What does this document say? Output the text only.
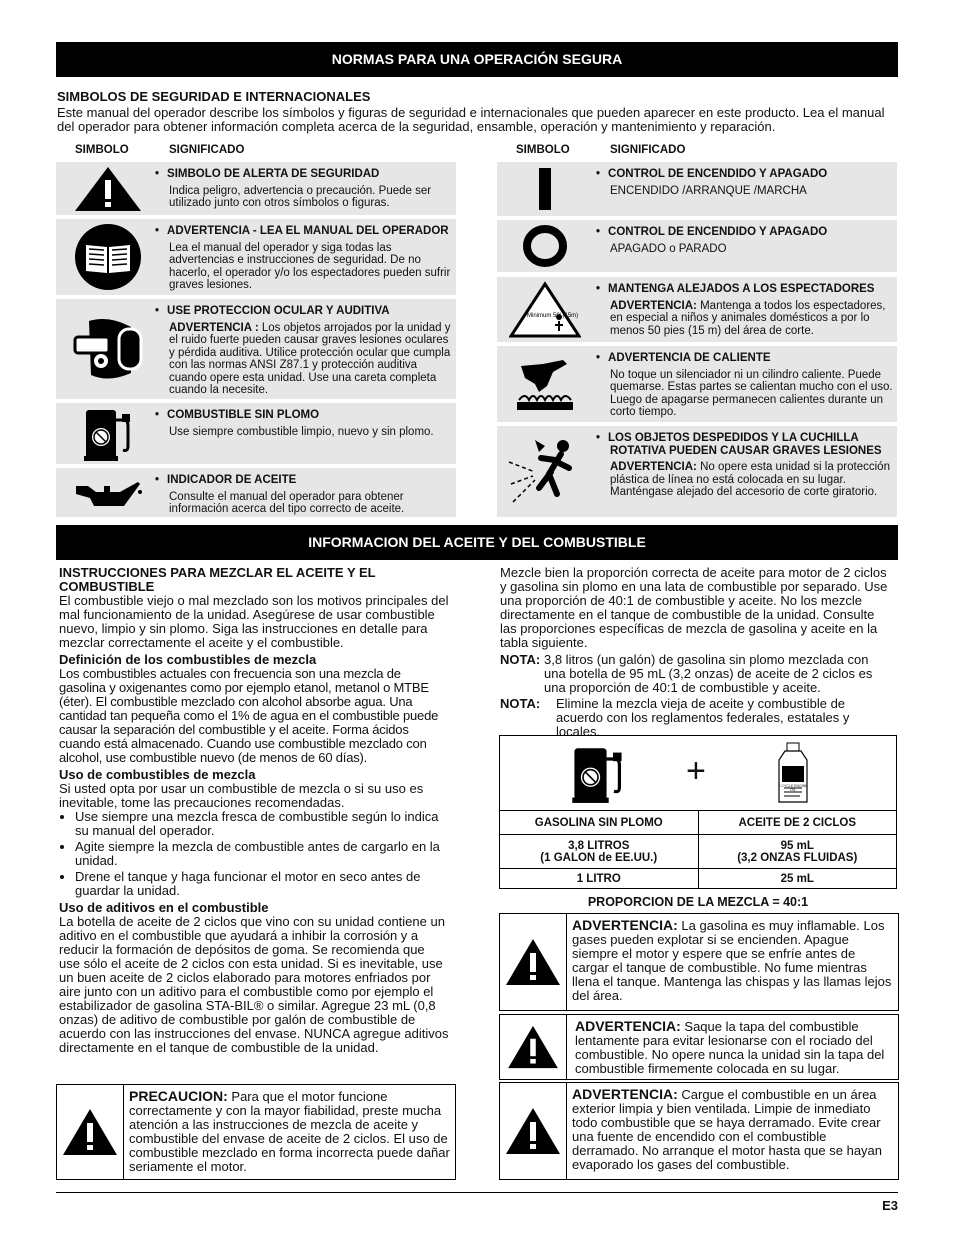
NORMAS PARA UNA OPERACIÓN SEGURA
SIMBOLOS DE SEGURIDAD E INTERNACIONALES
Este manual del operador describe los símbolos y figuras de seguridad e internacionales que pueden aparecer en este producto. Lea el manual del operador para obtener información completa acerca de la seguridad, ensamble, operación y mantenimiento y reparación.
SIMBOLO	SIGNIFICADO	SIMBOLO	SIGNIFICADO
• SIMBOLO DE ALERTA DE SEGURIDAD
Indica peligro, advertencia o precaución. Puede ser utilizado junto con otros símbolos o figuras.
• ADVERTENCIA - LEA EL MANUAL DEL OPERADOR
Lea el manual del operador y siga todas las advertencias e instrucciones de seguridad. De no hacerlo, el operador y/o los espectadores pueden sufrir graves lesiones.
• USE PROTECCION OCULAR Y AUDITIVA
ADVERTENCIA : Los objetos arrojados por la unidad y el ruido fuerte pueden causar graves lesiones oculares y pérdida auditiva. Utilice protección ocular que cumpla con las normas ANSI Z87.1 y protección auditiva cuando opere esta unidad. Use una careta completa cuando la necesite.
• COMBUSTIBLE SIN PLOMO
Use siempre combustible limpio, nuevo y sin plomo.
• INDICADOR DE ACEITE
Consulte el manual del operador para obtener información acerca del tipo correcto de aceite.
• CONTROL DE ENCENDIDO Y APAGADO
ENCENDIDO /ARRANQUE /MARCHA
• CONTROL DE ENCENDIDO Y APAGADO
APAGADO o PARADO
Minimum 50' (15m)
• MANTENGA ALEJADOS A LOS ESPECTADORES
ADVERTENCIA: Mantenga a todos los espectadores, en especial a niños y animales domésticos a por lo menos 50 pies (15 m) del área de corte.
• ADVERTENCIA DE CALIENTE
No toque un silenciador ni un cilindro caliente. Puede quemarse. Estas partes se calientan mucho con el uso. Luego de apagarse permanecen calientes durante un corto tiempo.
• LOS OBJETOS DESPEDIDOS Y LA CUCHILLA ROTATIVA PUEDEN CAUSAR GRAVES LESIONES
ADVERTENCIA: No opere esta unidad si la protección plástica de línea no está colocada en su lugar. Manténgase alejado del accesorio de corte giratorio.
INFORMACION DEL ACEITE Y DEL COMBUSTIBLE
INSTRUCCIONES PARA MEZCLAR EL ACEITE Y EL COMBUSTIBLE
El combustible viejo o mal mezclado son los motivos principales del mal funcionamiento de la unidad. Asegúrese de usar combustible nuevo, limpio y sin plomo. Siga las instrucciones en detalle para mezclar correctamente el aceite y el combustible.
Definición de los combustibles de mezcla
Los combustibles actuales con frecuencia son una mezcla de gasolina y oxigenantes como por ejemplo etanol, metanol o MTBE (éter). El combustible mezclado con alcohol absorbe agua. Una cantidad tan pequeña como el 1% de agua en el combustible puede causar la separación del combustible y el aceite. Forma ácidos cuando está almacenado. Cuando use combustible mezclado con alcohol, use combustible nuevo (de menos de 60 días).
Uso de combustibles de mezcla
Si usted opta por usar un combustible de mezcla o si su uso es inevitable, tome las precauciones recomendadas.
• Use siempre una mezcla fresca de combustible según lo indica su manual del operador.
• Agite siempre la mezcla de combustible antes de cargarlo en la unidad.
• Drene el tanque y haga funcionar el motor en seco antes de guardar la unidad.
Uso de aditivos en el combustible
La botella de aceite de 2 ciclos que vino con su unidad contiene un aditivo en el combustible que ayudará a inhibir la corrosión y a reducir la formación de depósitos de goma. Se recomienda que use sólo el aceite de 2 ciclos con esta unidad. Si es inevitable, use un buen aceite de 2 ciclos elaborado para motores enfriados por aire junto con un aditivo para el combustible como por ejemplo el estabilizador de gasolina STA-BIL® o similar. Agregue 23 mL (0,8 onzas) de aditivo de combustible por galón de combustible de acuerdo con las instrucciones del envase. NUNCA agregue aditivos directamente en el tanque de combustible de la unidad.
PRECAUCION: Para que el motor funcione correctamente y con la mayor fiabilidad, preste mucha atención a las instrucciones de mezcla de aceite y combustible del envase de aceite de 2 ciclos. El uso de combustible mezclado en forma incorrecta puede dañar seriamente el motor.
Mezcle bien la proporción correcta de aceite para motor de 2 ciclos y gasolina sin plomo en una lata de combustible por separado. Use una proporción de 40:1 de combustible y aceite. No los mezcle directamente en el tanque de combustible de la unidad. Consulte las proporciones específicas de mezcla de gasolina y aceite en la tabla siguiente.
NOTA: 3,8 litros (un galón) de gasolina sin plomo mezclada con una botella de 95 mL (3,2 onzas) de aceite de 2 ciclos es una proporción de 40:1 de combustible y aceite.
NOTA:	Elimine la mezcla vieja de aceite y combustible de acuerdo con los reglamentos federales, estatales y locales.
+	2-CYCLE ENGINE OIL
GASOLINA SIN PLOMO	ACEITE DE 2 CICLOS
3,8 LITROS
(1 GALON de EE.UU.)	95 mL
(3,2 ONZAS FLUIDAS)
1 LITRO	25 mL
PROPORCION DE LA MEZCLA = 40:1
ADVERTENCIA: La gasolina es muy inflamable. Los gases pueden explotar si se encienden. Apague siempre el motor y espere que se enfríe antes de cargar el tanque de combustible. No fume mientras llena el tanque. Mantenga las chispas y las llamas lejos del área.
ADVERTENCIA: Saque la tapa del combustible lentamente para evitar lesionarse con el rociado del combustible. No opere nunca la unidad sin la tapa del combustible firmemente colocada en su lugar.
ADVERTENCIA: Cargue el combustible en un área exterior limpia y bien ventilada. Limpie de inmediato todo combustible que se haya derramado. Evite crear una fuente de encendido con el combustible derramado. No arranque el motor hasta que se hayan evaporado los gases del combustible.
E3
